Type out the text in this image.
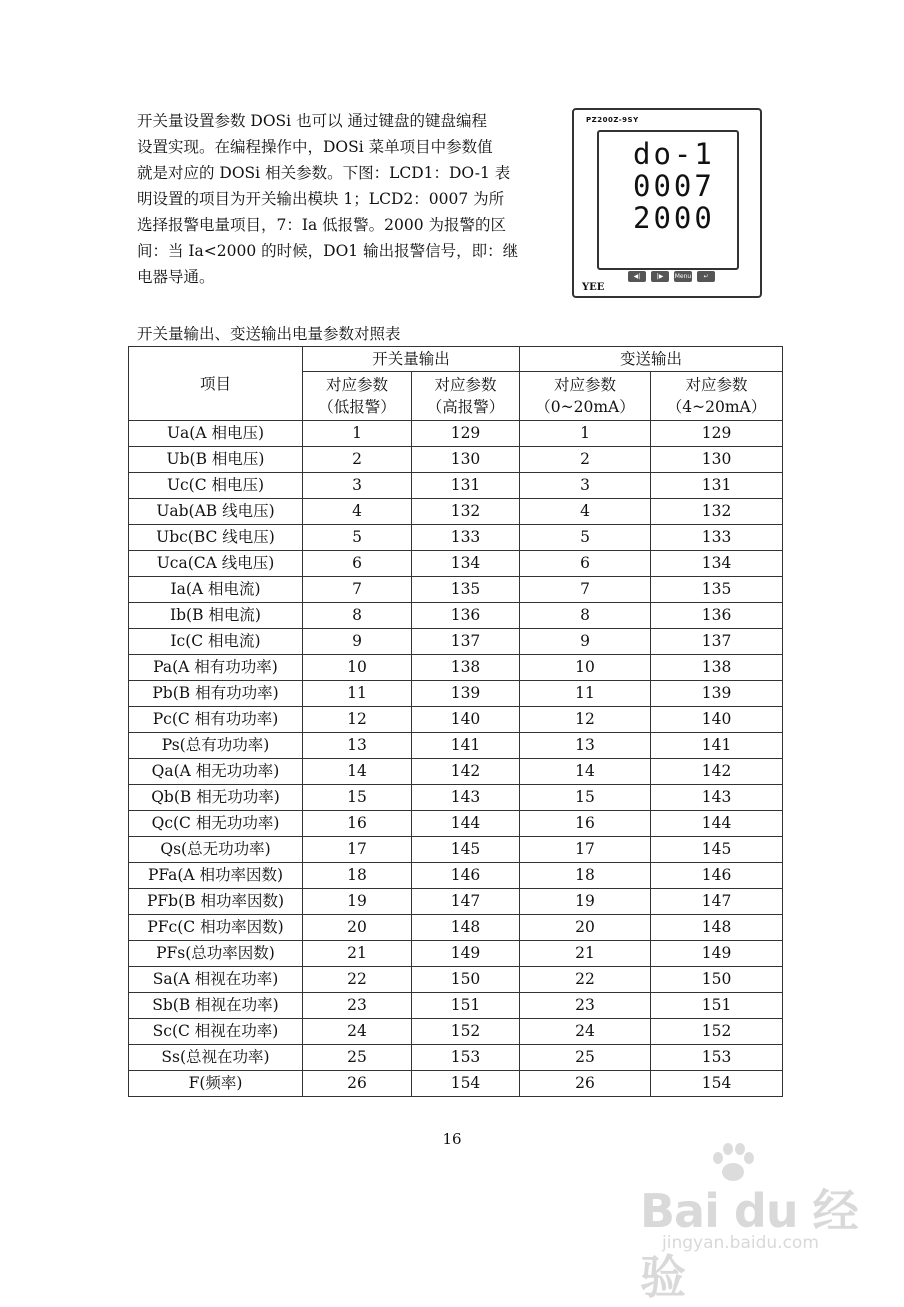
开关量设置参数 DOSi 也可以 通过键盘的键盘编程

设置实现。在编程操作中，DOSi 菜单项目中参数值

就是对应的 DOSi 相关参数。下图：LCD1：DO-1 表

明设置的项目为开关输出模块 1；LCD2：0007 为所

选择报警电量项目，7：Ia 低报警。2000 为报警的区

间：当 Ia<2000 的时候，DO1 输出报警信号，即：继

电器导通。

PZ200Z-9SY
do-1
0007
2000
YEE
◀|	|▶	Menu	↵
开关量输出、变送输出电量参数对照表
项目	开关量输出		变送输出	
	对应参数
（低报警）	对应参数
（高报警）	对应参数
（0~20mA）	对应参数
（4~20mA）
Ua(A 相电压)	1	129	1	129
Ub(B 相电压)	2	130	2	130
Uc(C 相电压)	3	131	3	131
Uab(AB 线电压)	4	132	4	132
Ubc(BC 线电压)	5	133	5	133
Uca(CA 线电压)	6	134	6	134
Ia(A 相电流)	7	135	7	135
Ib(B 相电流)	8	136	8	136
Ic(C 相电流)	9	137	9	137
Pa(A 相有功功率)	10	138	10	138
Pb(B 相有功功率)	11	139	11	139
Pc(C 相有功功率)	12	140	12	140
Ps(总有功功率)	13	141	13	141
Qa(A 相无功功率)	14	142	14	142
Qb(B 相无功功率)	15	143	15	143
Qc(C 相无功功率)	16	144	16	144
Qs(总无功功率)	17	145	17	145
PFa(A 相功率因数)	18	146	18	146
PFb(B 相功率因数)	19	147	19	147
PFc(C 相功率因数)	20	148	20	148
PFs(总功率因数)	21	149	21	149
Sa(A 相视在功率)	22	150	22	150
Sb(B 相视在功率)	23	151	23	151
Sc(C 相视在功率)	24	152	24	152
Ss(总视在功率)	25	153	25	153
F(频率)	26	154	26	154
16
Bai du 经验
jingyan.baidu.com
